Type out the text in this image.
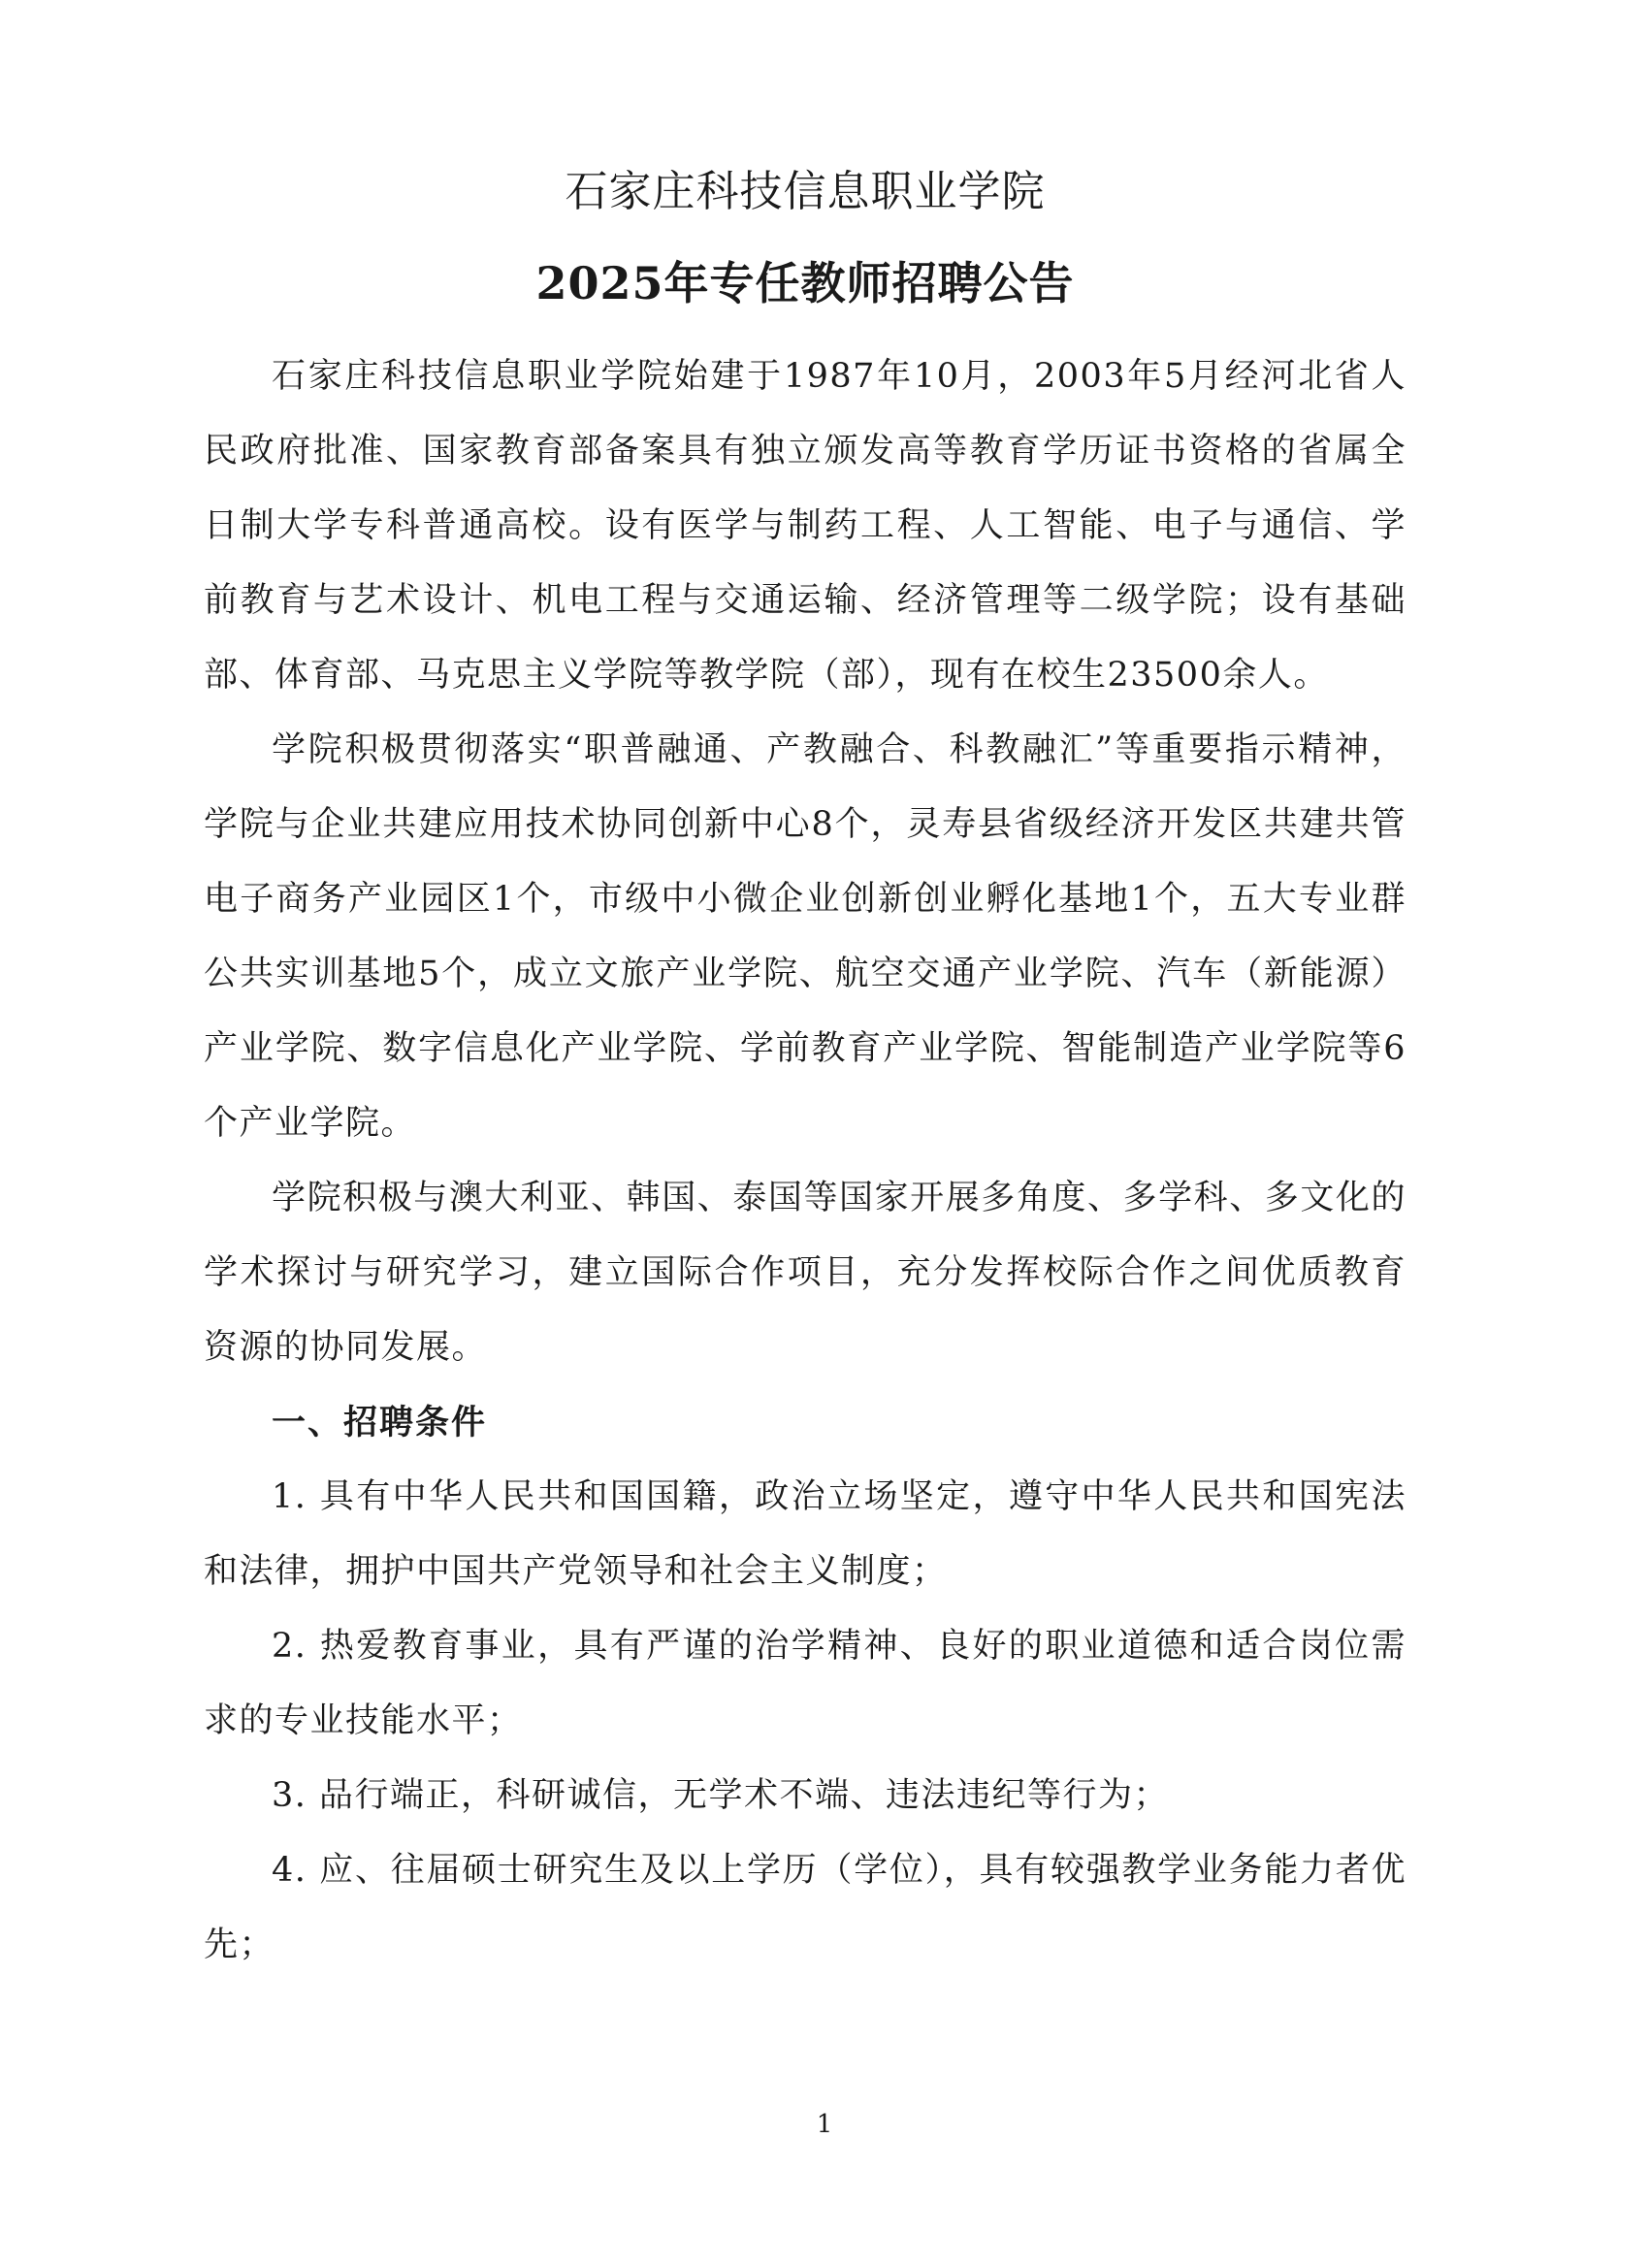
石家庄科技信息职业学院
2025年专任教师招聘公告

石家庄科技信息职业学院始建于1987年10月，2003年5月经河北省人民政府批准、国家教育部备案具有独立颁发高等教育学历证书资格的省属全日制大学专科普通高校。设有医学与制药工程、人工智能、电子与通信、学前教育与艺术设计、机电工程与交通运输、经济管理等二级学院；设有基础部、体育部、马克思主义学院等教学院（部），现有在校生23500余人。

学院积极贯彻落实“职普融通、产教融合、科教融汇”等重要指示精神，学院与企业共建应用技术协同创新中心8个，灵寿县省级经济开发区共建共管电子商务产业园区1个，市级中小微企业创新创业孵化基地1个，五大专业群公共实训基地5个，成立文旅产业学院、航空交通产业学院、汽车（新能源）产业学院、数字信息化产业学院、学前教育产业学院、智能制造产业学院等6个产业学院。

学院积极与澳大利亚、韩国、泰国等国家开展多角度、多学科、多文化的学术探讨与研究学习，建立国际合作项目，充分发挥校际合作之间优质教育资源的协同发展。

一、招聘条件

1. 具有中华人民共和国国籍，政治立场坚定，遵守中华人民共和国宪法和法律，拥护中国共产党领导和社会主义制度；

2. 热爱教育事业，具有严谨的治学精神、良好的职业道德和适合岗位需求的专业技能水平；

3. 品行端正，科研诚信，无学术不端、违法违纪等行为；

4. 应、往届硕士研究生及以上学历（学位），具有较强教学业务能力者优先；

1
